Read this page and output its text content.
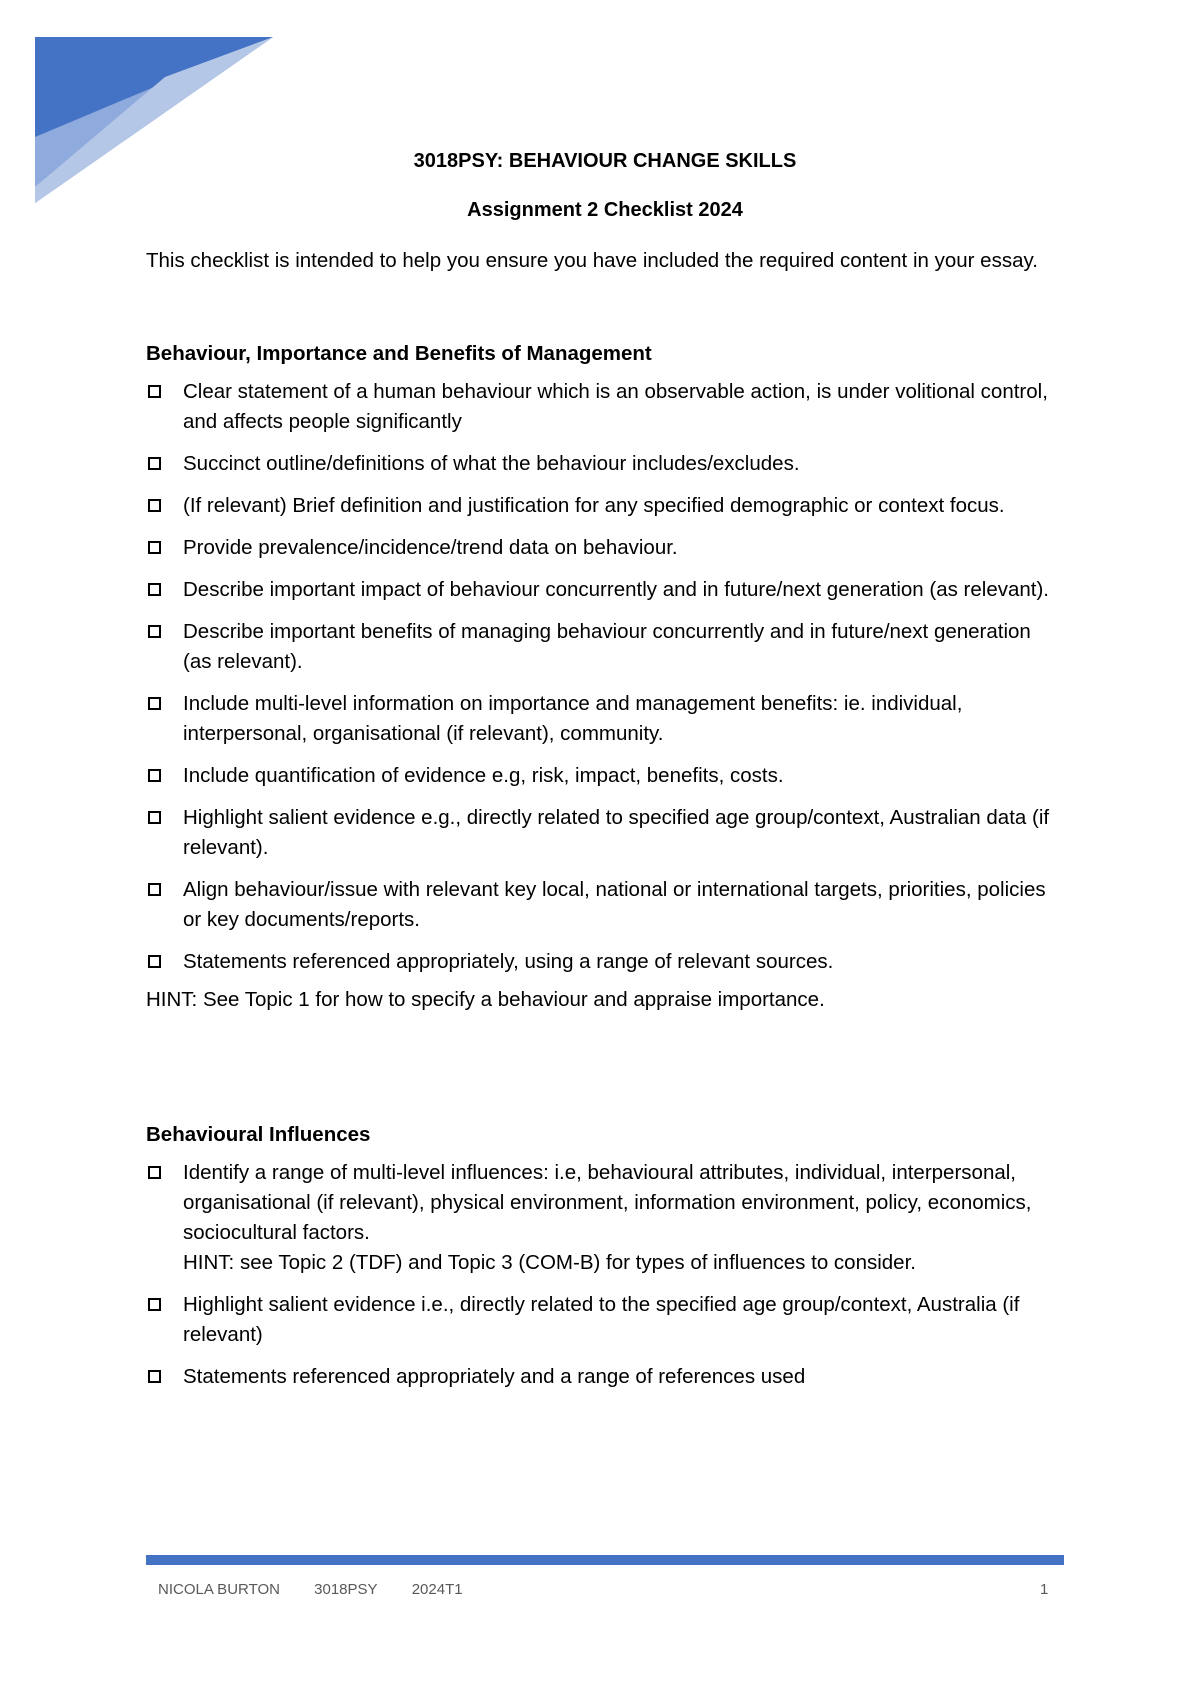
3018PSY: BEHAVIOUR CHANGE SKILLS
Assignment 2 Checklist 2024
This checklist is intended to help you ensure you have included the required content in your essay.

Behaviour, Importance and Benefits of Management

Clear statement of a human behaviour which is an observable action, is under volitional control, and affects people significantly
Succinct outline/definitions of what the behaviour includes/excludes.
(If relevant) Brief definition and justification for any specified demographic or context focus.
Provide prevalence/incidence/trend data on behaviour.
Describe important impact of behaviour concurrently and in future/next generation (as relevant).
Describe important benefits of managing behaviour concurrently and in future/next generation (as relevant).
Include multi-level information on importance and management benefits: ie. individual, interpersonal, organisational (if relevant), community.
Include quantification of evidence e.g, risk, impact, benefits, costs.
Highlight salient evidence e.g., directly related to specified age group/context, Australian data (if relevant).
Align behaviour/issue with relevant key local, national or international targets, priorities, policies or key documents/reports.
Statements referenced appropriately, using a range of relevant sources.

HINT: See Topic 1 for how to specify a behaviour and appraise importance.

Behavioural Influences

Identify a range of multi-level influences: i.e, behavioural attributes, individual, interpersonal, organisational (if relevant), physical environment, information environment, policy, economics, sociocultural factors.
HINT: see Topic 2 (TDF) and Topic 3 (COM-B) for types of influences to consider.
Highlight salient evidence i.e., directly related to the specified age group/context, Australia (if relevant)
Statements referenced appropriately and a range of references used
NICOLA BURTON 3018PSY 2024T1	1
